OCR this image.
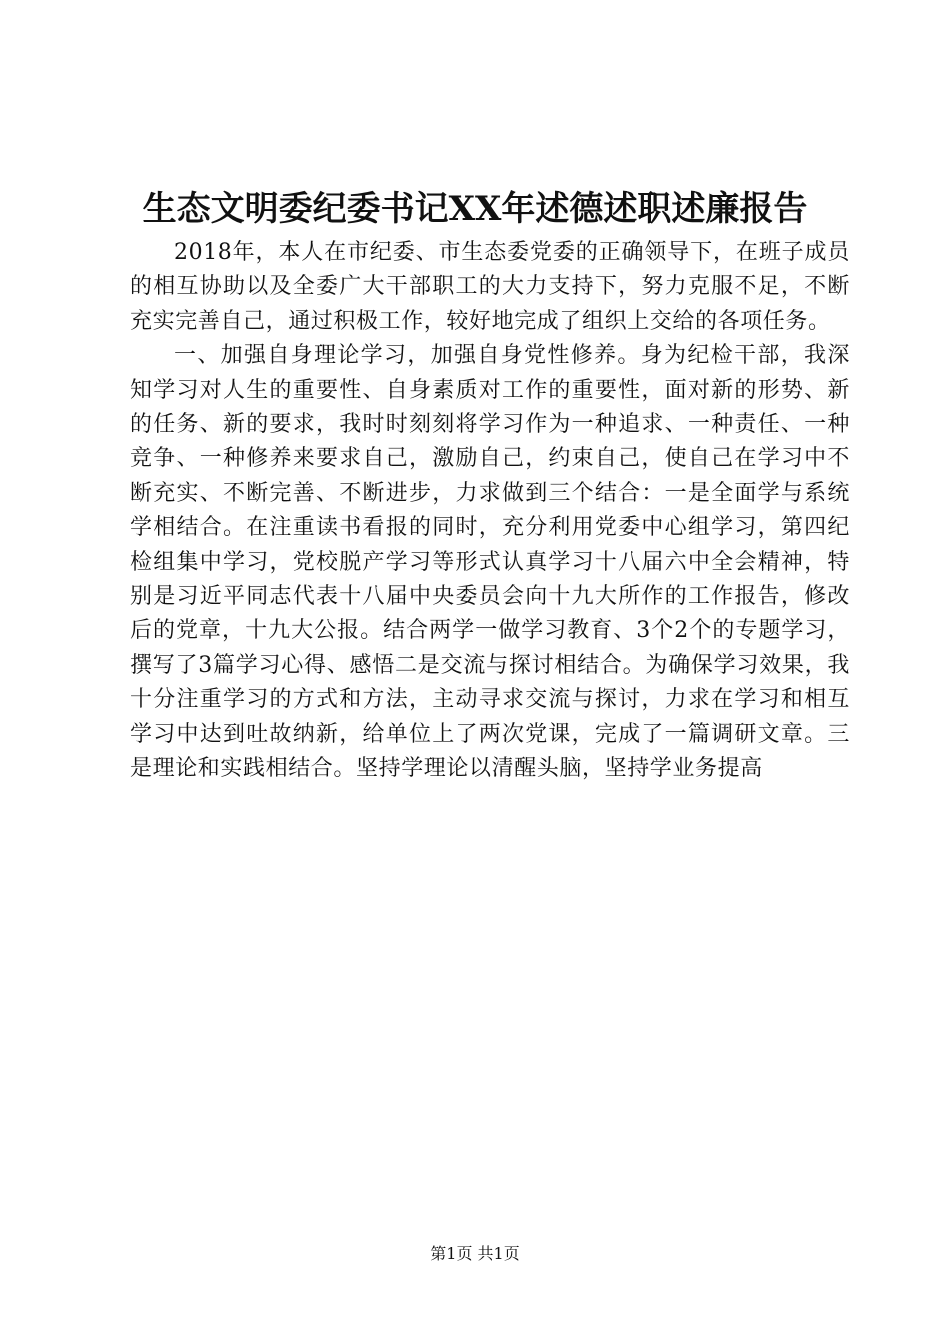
生态文明委纪委书记XX年述德述职述廉报告

2018年，本人在市纪委、市生态委党委的正确领导下，在班子成员的相互协助以及全委广大干部职工的大力支持下，努力克服不足，不断充实完善自己，通过积极工作，较好地完成了组织上交给的各项任务。

一、加强自身理论学习，加强自身党性修养。身为纪检干部，我深知学习对人生的重要性、自身素质对工作的重要性，面对新的形势、新的任务、新的要求，我时时刻刻将学习作为一种追求、一种责任、一种竞争、一种修养来要求自己，激励自己，约束自己，使自己在学习中不断充实、不断完善、不断进步，力求做到三个结合：一是全面学与系统学相结合。在注重读书看报的同时，充分利用党委中心组学习，第四纪检组集中学习，党校脱产学习等形式认真学习十八届六中全会精神，特别是习近平同志代表十八届中央委员会向十九大所作的工作报告，修改后的党章，十九大公报。结合两学一做学习教育、3个2个的专题学习，撰写了3篇学习心得、感悟二是交流与探讨相结合。为确保学习效果，我十分注重学习的方式和方法，主动寻求交流与探讨，力求在学习和相互学习中达到吐故纳新，给单位上了两次党课，完成了一篇调研文章。三是理论和实践相结合。坚持学理论以清醒头脑，坚持学业务提高

第1页 共1页
